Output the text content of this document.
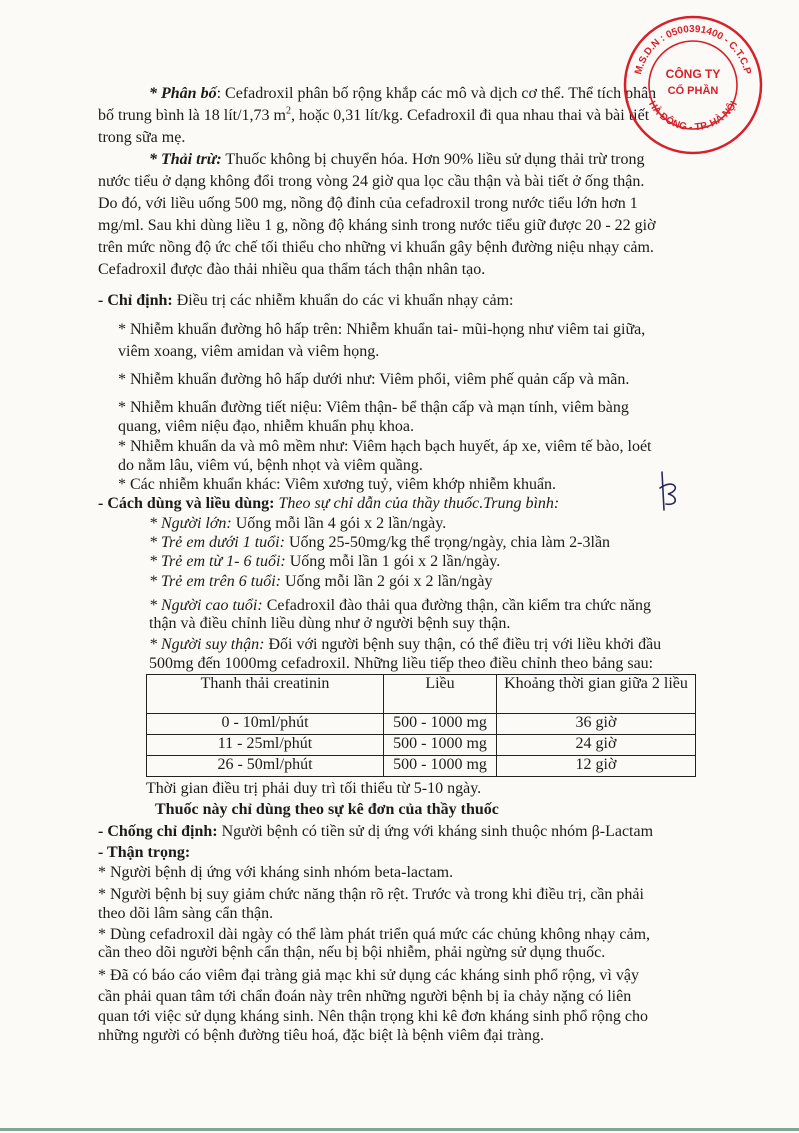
* Phân bố: Cefadroxil phân bố rộng khắp các mô và dịch cơ thể. Thể tích phân
bố trung bình là 18 lít/1,73 $m^2$, hoặc 0,31 lít/kg. Cefadroxil đi qua nhau thai và bài tiết
trong sữa mẹ.
* Thải trừ: Thuốc không bị chuyển hóa. Hơn 90% liều sử dụng thải trừ trong
nước tiểu ở dạng không đổi trong vòng 24 giờ qua lọc cầu thận và bài tiết ở ống thận.
Do đó, với liều uống 500 mg, nồng độ đỉnh của cefadroxil trong nước tiểu lớn hơn 1
mg/ml. Sau khi dùng liều 1 g, nồng độ kháng sinh trong nước tiểu giữ được 20 - 22 giờ
trên mức nồng độ ức chế tối thiểu cho những vi khuẩn gây bệnh đường niệu nhạy cảm.
Cefadroxil được đào thải nhiều qua thẩm tách thận nhân tạo.
- Chỉ định: Điều trị các nhiễm khuẩn do các vi khuẩn nhạy cảm:
* Nhiễm khuẩn đường hô hấp trên: Nhiễm khuẩn tai- mũi-họng như viêm tai giữa,
viêm xoang, viêm amidan và viêm họng.
* Nhiễm khuẩn đường hô hấp dưới như: Viêm phổi, viêm phế quản cấp và mãn.
* Nhiễm khuẩn đường tiết niệu: Viêm thận- bể thận cấp và mạn tính, viêm bàng
quang, viêm niệu đạo, nhiễm khuẩn phụ khoa.
* Nhiễm khuẩn da và mô mềm như: Viêm hạch bạch huyết, áp xe, viêm tế bào, loét
do nằm lâu, viêm vú, bệnh nhọt và viêm quầng.
* Các nhiễm khuẩn khác: Viêm xương tuỷ, viêm khớp nhiễm khuẩn.
- Cách dùng và liều dùng: Theo sự chỉ dẫn của thầy thuốc.Trung bình:
* Người lớn: Uống mỗi lần 4 gói x 2 lần/ngày.
* Trẻ em dưới 1 tuổi: Uống 25-50mg/kg thể trọng/ngày, chia làm 2-3lần
* Trẻ em từ 1- 6 tuổi: Uống mỗi lần 1 gói x 2 lần/ngày.
* Trẻ em trên 6 tuổi: Uống mỗi lần 2 gói x 2 lần/ngày
* Người cao tuổi: Cefadroxil đào thải qua đường thận, cần kiểm tra chức năng
thận và điều chỉnh liều dùng như ở người bệnh suy thận.
* Người suy thận: Đối với người bệnh suy thận, có thể điều trị với liều khởi đầu
500mg đến 1000mg cefadroxil. Những liều tiếp theo điều chỉnh theo bảng sau:
Thanh thải creatinin	Liều	Khoảng thời gian giữa 2 liều
0 - 10ml/phút	500 - 1000 mg	36 giờ
11 - 25ml/phút	500 - 1000 mg	24 giờ
26 - 50ml/phút	500 - 1000 mg	12 giờ
Thời gian điều trị phải duy trì tối thiểu từ 5-10 ngày.
Thuốc này chỉ dùng theo sự kê đơn của thầy thuốc
- Chống chỉ định: Người bệnh có tiền sử dị ứng với kháng sinh thuộc nhóm β-Lactam
- Thận trọng:
* Người bệnh dị ứng với kháng sinh nhóm beta-lactam.
* Người bệnh bị suy giảm chức năng thận rõ rệt. Trước và trong khi điều trị, cần phải
theo dõi lâm sàng cẩn thận.
* Dùng cefadroxil dài ngày có thể làm phát triển quá mức các chủng không nhạy cảm,
cần theo dõi người bệnh cẩn thận, nếu bị bội nhiễm, phải ngừng sử dụng thuốc.
* Đã có báo cáo viêm đại tràng giả mạc khi sử dụng các kháng sinh phổ rộng, vì vậy
cần phải quan tâm tới chẩn đoán này trên những người bệnh bị ỉa chảy nặng có liên
quan tới việc sử dụng kháng sinh. Nên thận trọng khi kê đơn kháng sinh phổ rộng cho
những người có bệnh đường tiêu hoá, đặc biệt là bệnh viêm đại tràng.
M.S.D.N : 0500391400 - C.T.C.P
HÀ ĐÔNG - TP. HÀ NỘI
CÔNG TY
CỔ PHẦN
